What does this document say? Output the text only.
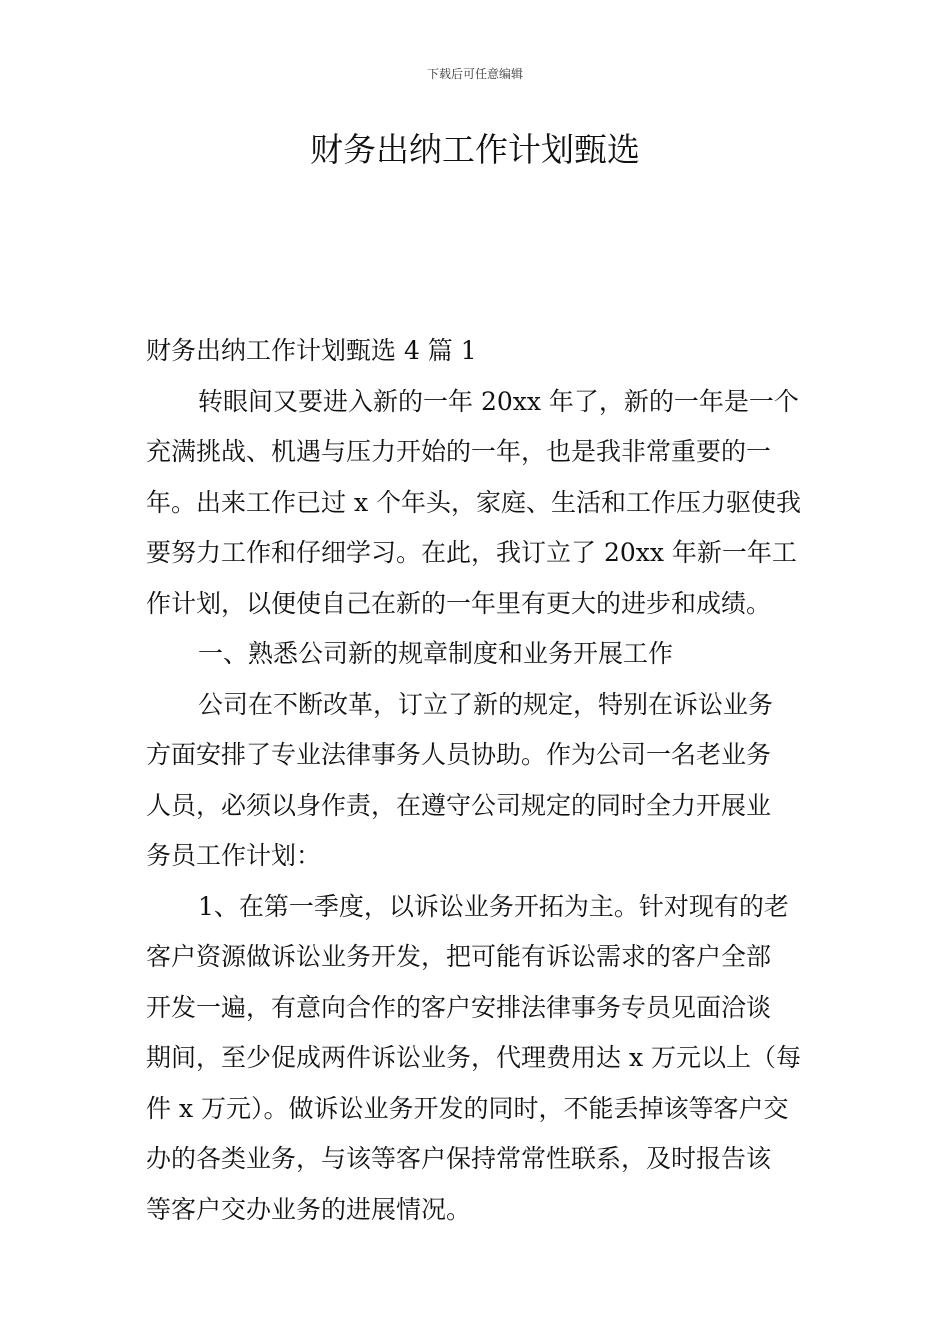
下载后可任意编辑
财务出纳工作计划甄选
财务出纳工作计划甄选 4 篇 1
转眼间又要进入新的一年 20xx 年了，新的一年是一个
充满挑战、机遇与压力开始的一年，也是我非常重要的一
年。出来工作已过 x 个年头，家庭、生活和工作压力驱使我
要努力工作和仔细学习。在此，我订立了 20xx 年新一年工
作计划，以便使自己在新的一年里有更大的进步和成绩。
一、熟悉公司新的规章制度和业务开展工作
公司在不断改革，订立了新的规定，特别在诉讼业务
方面安排了专业法律事务人员协助。作为公司一名老业务
人员，必须以身作责，在遵守公司规定的同时全力开展业
务员工作计划：
1、在第一季度，以诉讼业务开拓为主。针对现有的老
客户资源做诉讼业务开发，把可能有诉讼需求的客户全部
开发一遍，有意向合作的客户安排法律事务专员见面洽谈
期间，至少促成两件诉讼业务，代理费用达 x 万元以上（每
件 x 万元）。做诉讼业务开发的同时，不能丢掉该等客户交
办的各类业务，与该等客户保持常常性联系，及时报告该
等客户交办业务的进展情况。
